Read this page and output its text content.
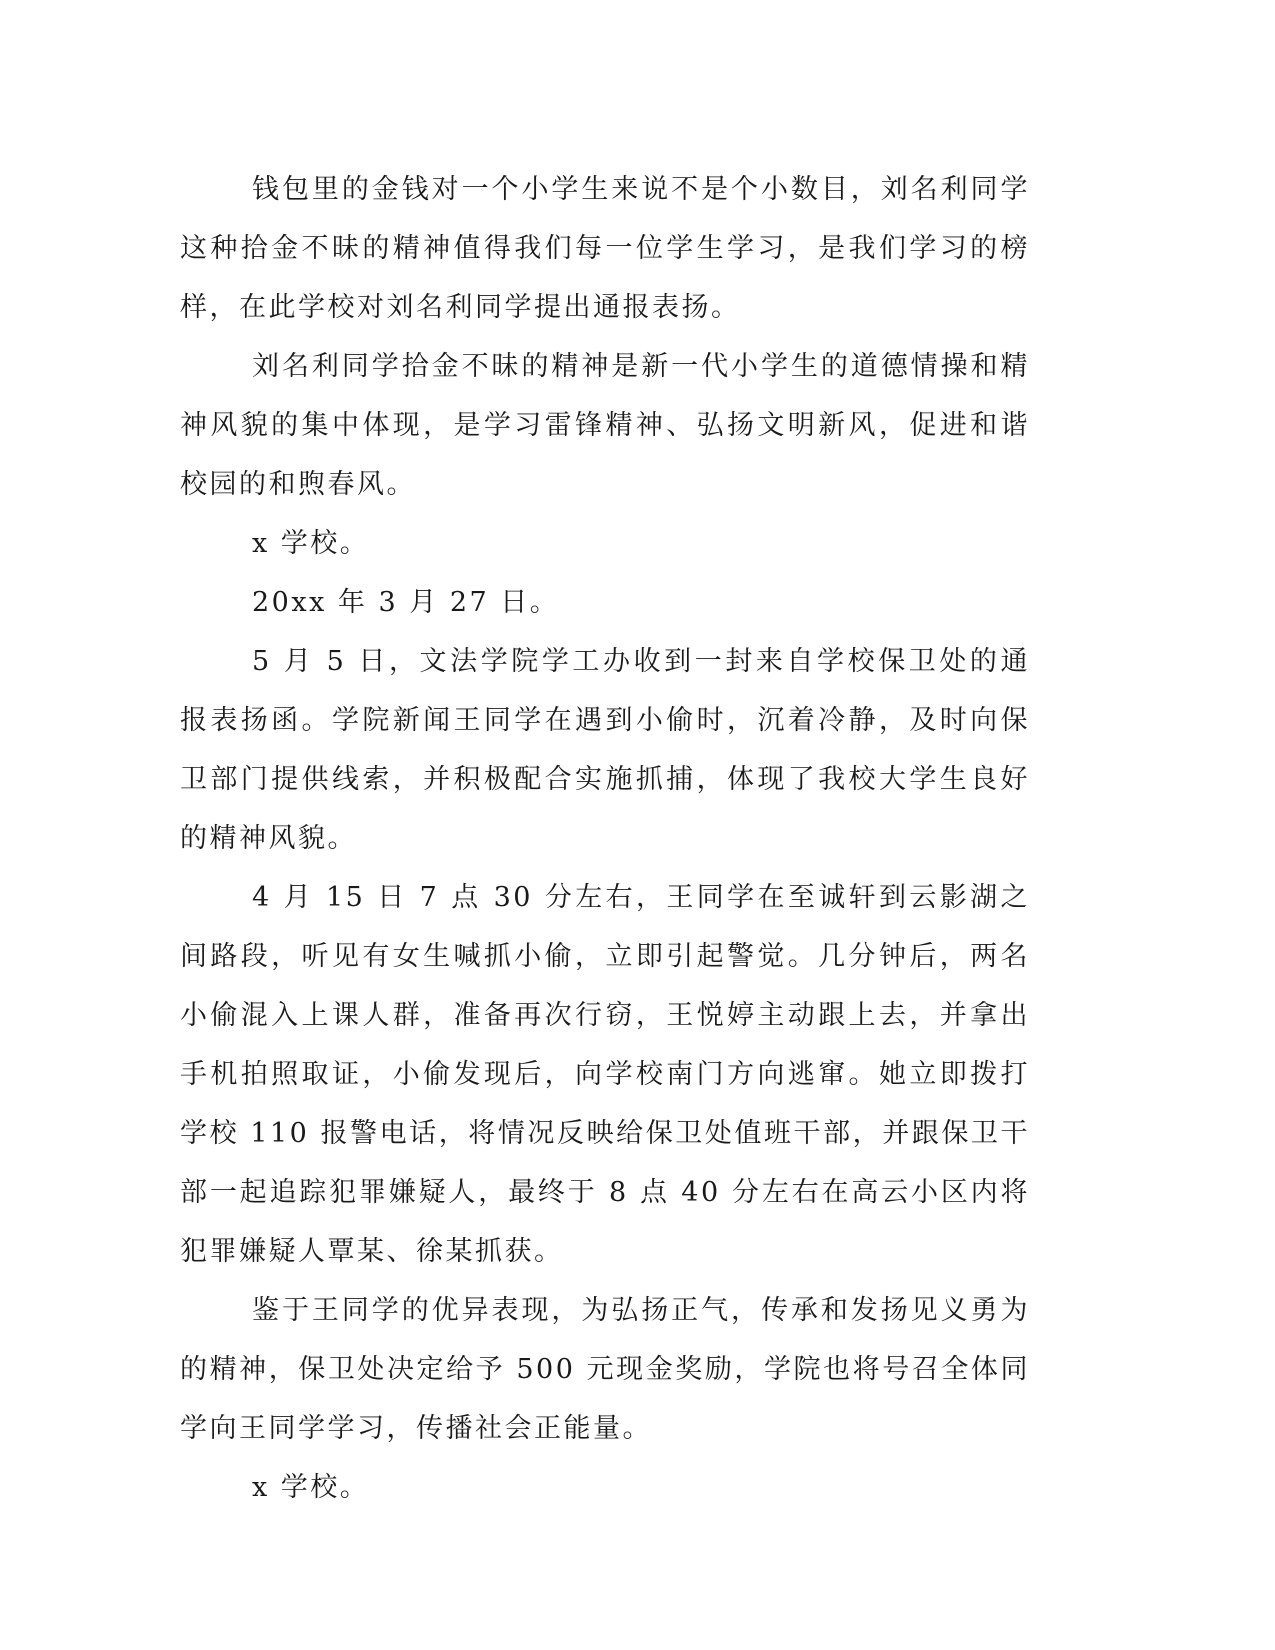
钱包里的金钱对一个小学生来说不是个小数目，刘名利同学这种拾金不昧的精神值得我们每一位学生学习，是我们学习的榜样，在此学校对刘名利同学提出通报表扬。

刘名利同学拾金不昧的精神是新一代小学生的道德情操和精神风貌的集中体现，是学习雷锋精神、弘扬文明新风，促进和谐校园的和煦春风。

x 学校。

20xx 年 3 月 27 日。

5 月 5 日，文法学院学工办收到一封来自学校保卫处的通报表扬函。学院新闻王同学在遇到小偷时，沉着冷静，及时向保卫部门提供线索，并积极配合实施抓捕，体现了我校大学生良好的精神风貌。

4 月 15 日 7 点 30 分左右，王同学在至诚轩到云影湖之间路段，听见有女生喊抓小偷，立即引起警觉。几分钟后，两名小偷混入上课人群，准备再次行窃，王悦婷主动跟上去，并拿出手机拍照取证，小偷发现后，向学校南门方向逃窜。她立即拨打学校 110 报警电话，将情况反映给保卫处值班干部，并跟保卫干部一起追踪犯罪嫌疑人，最终于 8 点 40 分左右在高云小区内将犯罪嫌疑人覃某、徐某抓获。

鉴于王同学的优异表现，为弘扬正气，传承和发扬见义勇为的精神，保卫处决定给予 500 元现金奖励，学院也将号召全体同学向王同学学习，传播社会正能量。

x 学校。
